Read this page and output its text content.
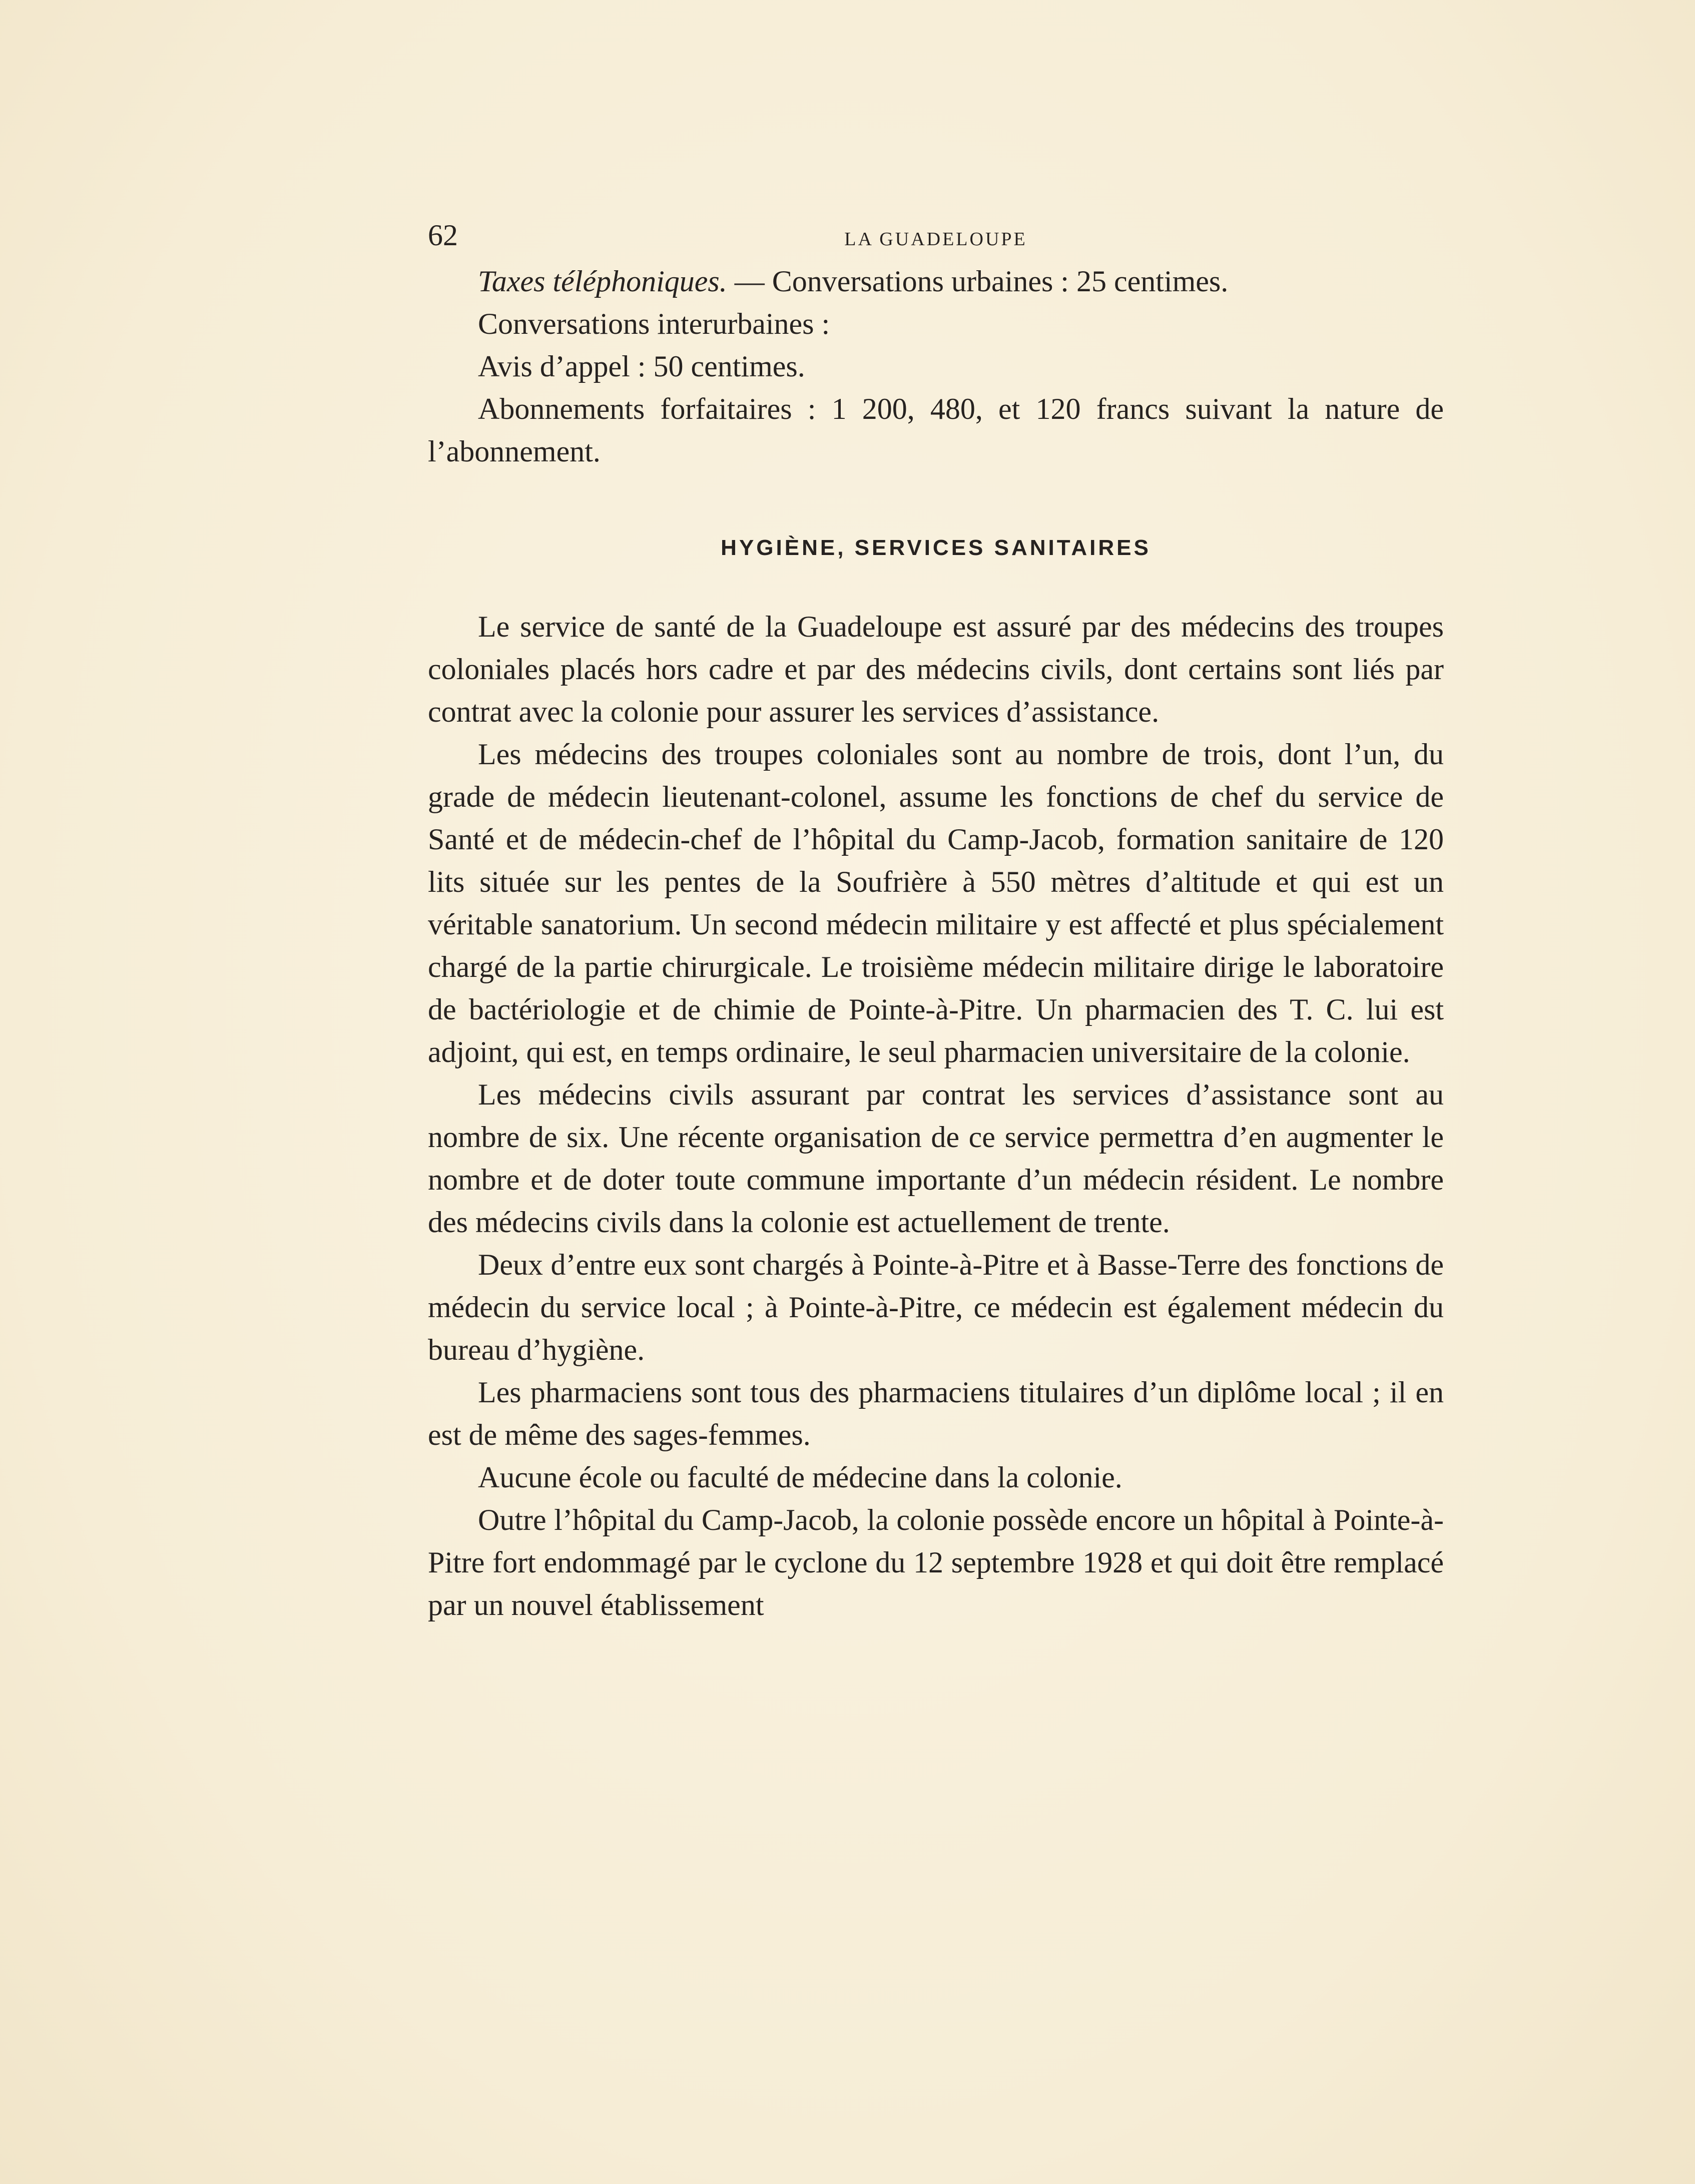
62	LA GUADELOUPE

Taxes téléphoniques. — Conversations urbaines : 25 centimes.

Conversations interurbaines :

Avis d’appel : 50 centimes.

Abonnements forfaitaires : 1 200, 480, et 120 francs suivant la nature de l’abonnement.

HYGIÈNE, SERVICES SANITAIRES

Le service de santé de la Guadeloupe est assuré par des médecins des troupes coloniales placés hors cadre et par des médecins civils, dont certains sont liés par contrat avec la colonie pour assurer les services d’assistance.

Les médecins des troupes coloniales sont au nombre de trois, dont l’un, du grade de médecin lieutenant-colonel, assume les fonctions de chef du service de Santé et de médecin-chef de l’hôpital du Camp-Jacob, formation sanitaire de 120 lits située sur les pentes de la Soufrière à 550 mètres d’altitude et qui est un véritable sanatorium. Un second médecin militaire y est affecté et plus spécialement chargé de la partie chirurgicale. Le troisième médecin militaire dirige le laboratoire de bactériologie et de chimie de Pointe-à-Pitre. Un pharmacien des T. C. lui est adjoint, qui est, en temps ordinaire, le seul pharmacien universitaire de la colonie.

Les médecins civils assurant par contrat les services d’assistance sont au nombre de six. Une récente organisation de ce service permettra d’en augmenter le nombre et de doter toute commune importante d’un médecin résident. Le nombre des médecins civils dans la colonie est actuellement de trente.

Deux d’entre eux sont chargés à Pointe-à-Pitre et à Basse-Terre des fonctions de médecin du service local ; à Pointe-à-Pitre, ce médecin est également médecin du bureau d’hygiène.

Les pharmaciens sont tous des pharmaciens titulaires d’un diplôme local ; il en est de même des sages-femmes.

Aucune école ou faculté de médecine dans la colonie.

Outre l’hôpital du Camp-Jacob, la colonie possède encore un hôpital à Pointe-à-Pitre fort endommagé par le cyclone du 12 septembre 1928 et qui doit être remplacé par un nouvel établissement
